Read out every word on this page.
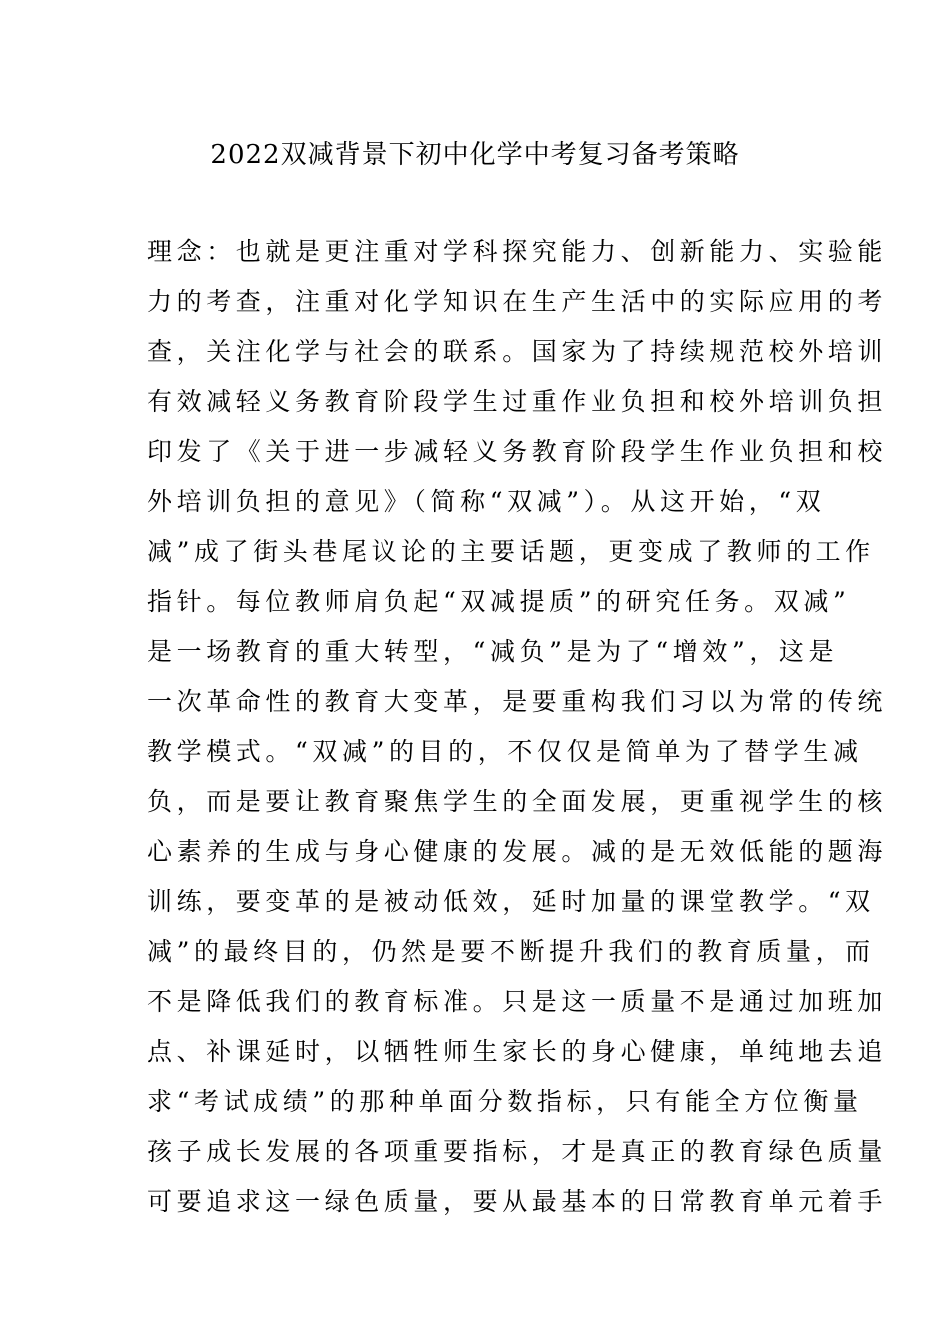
2022双减背景下初中化学中考复习备考策略
理念：也就是更注重对学科探究能力、创新能力、实验能
力的考查，注重对化学知识在生产生活中的实际应用的考
查，关注化学与社会的联系。国家为了持续规范校外培训
有效减轻义务教育阶段学生过重作业负担和校外培训负担
印发了《关于进一步减轻义务教育阶段学生作业负担和校
外培训负担的意见》（简称“双减”）。从这开始，“双
减”成了街头巷尾议论的主要话题，更变成了教师的工作
指针。每位教师肩负起“双减提质”的研究任务。双减”
是一场教育的重大转型，“减负”是为了“增效”，这是
一次革命性的教育大变革，是要重构我们习以为常的传统
教学模式。“双减”的目的，不仅仅是简单为了替学生减
负，而是要让教育聚焦学生的全面发展，更重视学生的核
心素养的生成与身心健康的发展。减的是无效低能的题海
训练，要变革的是被动低效，延时加量的课堂教学。“双
减”的最终目的，仍然是要不断提升我们的教育质量，而
不是降低我们的教育标准。只是这一质量不是通过加班加
点、补课延时，以牺牲师生家长的身心健康，单纯地去追
求“考试成绩”的那种单面分数指标，只有能全方位衡量
孩子成长发展的各项重要指标，才是真正的教育绿色质量
可要追求这一绿色质量，要从最基本的日常教育单元着手
